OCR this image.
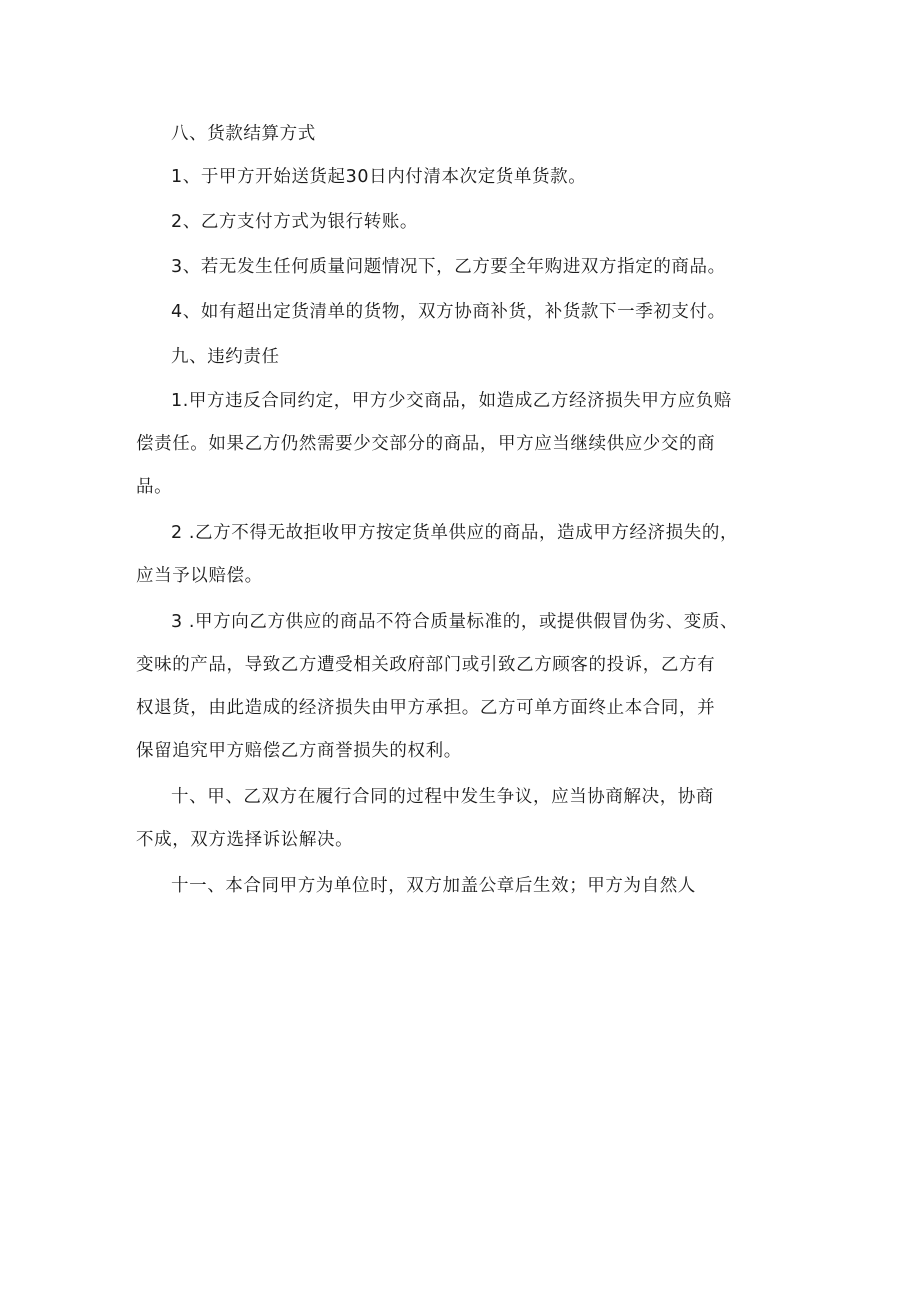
八、货款结算方式

1、于甲方开始送货起30日内付清本次定货单货款。

2、乙方支付方式为银行转账。

3、若无发生任何质量问题情况下，乙方要全年购进双方指定的商品。

4、如有超出定货清单的货物，双方协商补货，补货款下一季初支付。

九、违约责任

1.甲方违反合同约定，甲方少交商品，如造成乙方经济损失甲方应负赔
偿责任。如果乙方仍然需要少交部分的商品，甲方应当继续供应少交的商
品。
2 .乙方不得无故拒收甲方按定货单供应的商品，造成甲方经济损失的，
应当予以赔偿。
3 .甲方向乙方供应的商品不符合质量标准的，或提供假冒伪劣、变质、
变味的产品，导致乙方遭受相关政府部门或引致乙方顾客的投诉，乙方有
权退货，由此造成的经济损失由甲方承担。乙方可单方面终止本合同，并
保留追究甲方赔偿乙方商誉损失的权利。
十、甲、乙双方在履行合同的过程中发生争议，应当协商解决，协商
不成，双方选择诉讼解决。
十一、本合同甲方为单位时，双方加盖公章后生效；甲方为自然人
